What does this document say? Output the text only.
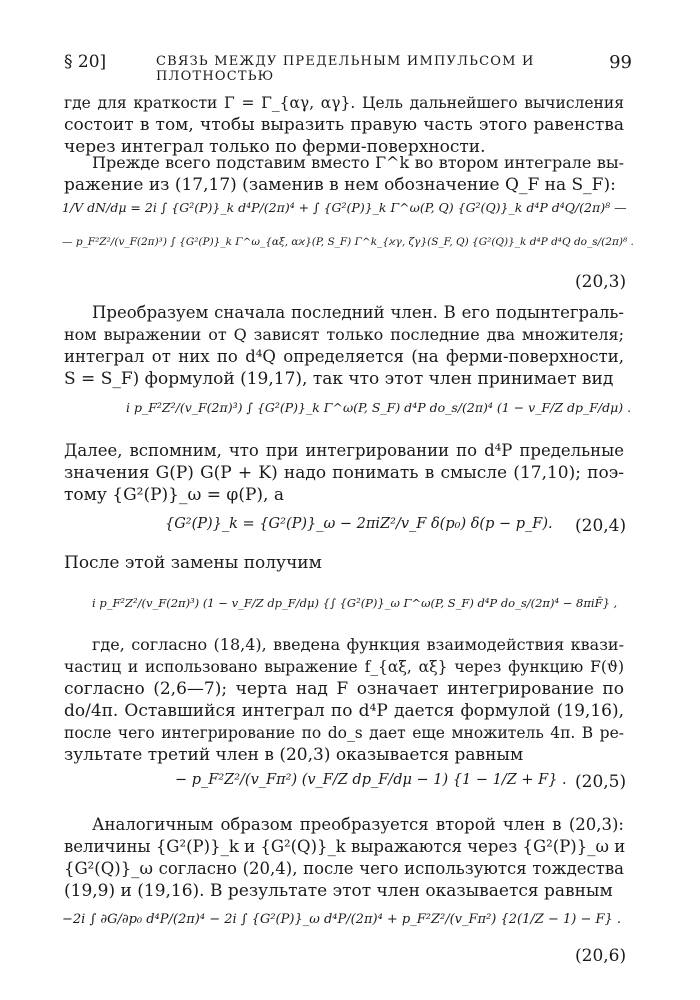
§ 20]	СВЯЗЬ МЕЖДУ ПРЕДЕЛЬНЫМ ИМПУЛЬСОМ И ПЛОТНОСТЬЮ
99
где для краткости Γ = Γ_{αγ, αγ}. Цель дальнейшего вычисления
состоит в том, чтобы выразить правую часть этого равенства
через интеграл только по ферми-поверхности.
Прежде всего подставим вместо Γ^k во втором интеграле вы-
ражение из (17,17) (заменив в нем обозначение Q_F на S_F):
1/V dN/dμ = 2i ∫ {G²(P)}_k d⁴P/(2π)⁴ + ∫ {G²(P)}_k Γ^ω(P, Q) {G²(Q)}_k d⁴P d⁴Q/(2π)⁸ —
— p_F²Z²/(v_F(2π)³) ∫ {G²(P)}_k Γ^ω_{αξ, αϰ}(P, S_F) Γ^k_{ϰγ, ζγ}(S_F, Q) {G²(Q)}_k d⁴P d⁴Q do_s/(2π)⁸ .
(20,3)
Преобразуем сначала последний член. В его подынтеграль-
ном выражении от Q зависят только последние два множителя;
интеграл от них по d⁴Q определяется (на ферми-поверхности,
S = S_F) формулой (19,17), так что этот член принимает вид
i p_F²Z²/(v_F(2π)³) ∫ {G²(P)}_k Γ^ω(P, S_F) d⁴P do_s/(2π)⁴ (1 − v_F/Z dp_F/dμ) .
Далее, вспомним, что при интегрировании по d⁴P предельные
значения G(P) G(P + K) надо понимать в смысле (17,10); поэ-
тому {G²(P)}_ω = φ(P), а
{G²(P)}_k = {G²(P)}_ω − 2πiZ²/v_F δ(p₀) δ(p − p_F).	(20,4)
После этой замены получим
i p_F²Z²/(v_F(2π)³) (1 − v_F/Z dp_F/dμ) {∫ {G²(P)}_ω Γ^ω(P, S_F) d⁴P do_s/(2π)⁴ − 8πiF̄} ,
где, согласно (18,4), введена функция взаимодействия квази-
частиц и использовано выражение f_{αξ, αξ} через функцию F(ϑ)
согласно (2,6—7); черта над F означает интегрирование по
do/4π. Оставшийся интеграл по d⁴P дается формулой (19,16),
после чего интегрирование по do_s дает еще множитель 4π. В ре-
зультате третий член в (20,3) оказывается равным
− p_F²Z²/(v_Fπ²) (v_F/Z dp_F/dμ − 1) {1 − 1/Z + F̄} . (20,5)
Аналогичным образом преобразуется второй член в (20,3):
величины {G²(P)}_k и {G²(Q)}_k выражаются через {G²(P)}_ω и
{G²(Q)}_ω согласно (20,4), после чего используются тождества
(19,9) и (19,16). В результате этот член оказывается равным
−2i ∫ ∂G/∂p₀ d⁴P/(2π)⁴ − 2i ∫ {G²(P)}_ω d⁴P/(2π)⁴ + p_F²Z²/(v_Fπ²) {2(1/Z − 1) − F̄} .
(20,6)
